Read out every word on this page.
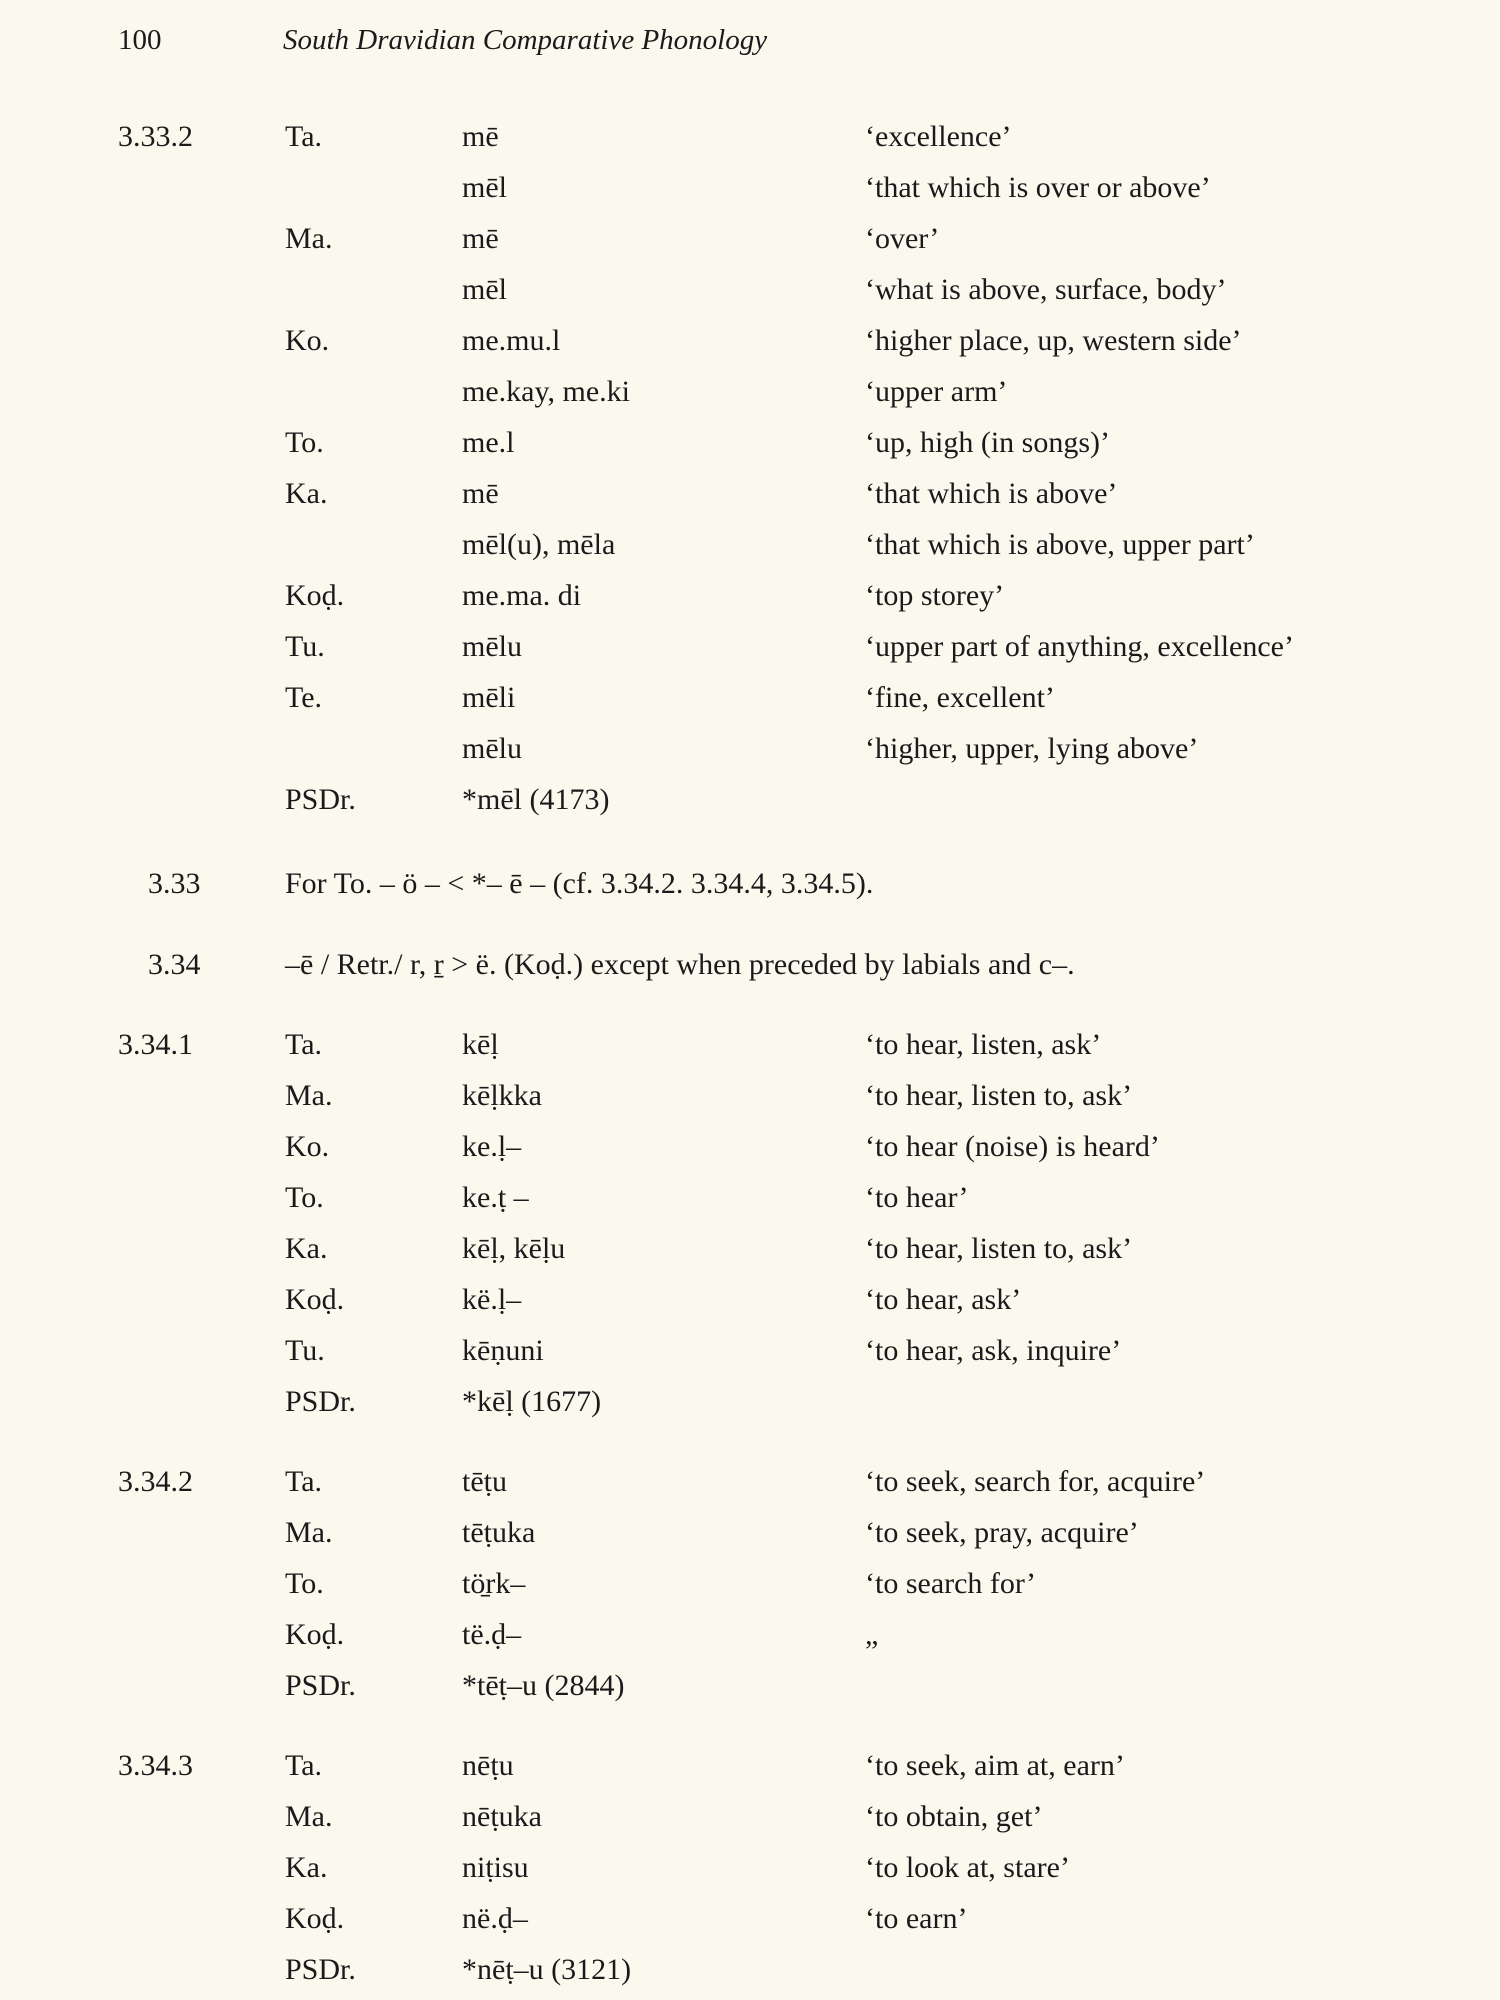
100	South Dravidian Comparative Phonology
3.33.2	Ta.	mē	‘excellence’
mēl	‘that which is over or above’
Ma.	mē	‘over’
mēl	‘what is above, surface, body’
Ko.	me.mu.l	‘higher place, up, western side’
me.kay, me.ki	‘upper arm’
To.	me.l	‘up, high (in songs)’
Ka.	mē	‘that which is above’
mēl(u), mēla	‘that which is above, upper part’
Koḍ.	me.ma. di	‘top storey’
Tu.	mēlu	‘upper part of anything, excellence’
Te.	mēli	‘fine, excellent’
mēlu	‘higher, upper, lying above’
PSDr.	*mēl (4173)
3.33	For To. – ö – < *– ē – (cf. 3.34.2. 3.34.4, 3.34.5).
3.34	–ē / Retr./ r, ṟ > ë. (Koḍ.) except when preceded by labials and c–.
3.34.1	Ta.	kēḷ	‘to hear, listen, ask’
Ma.	kēḷkka	‘to hear, listen to, ask’
Ko.	ke.ḷ–	‘to hear (noise) is heard’
To.	ke.ṭ –	‘to hear’
Ka.	kēḷ, kēḷu	‘to hear, listen to, ask’
Koḍ.	kë.ḷ–	‘to hear, ask’
Tu.	kēṇuni	‘to hear, ask, inquire’
PSDr.	*kēḷ (1677)
3.34.2	Ta.	tēṭu	‘to seek, search for, acquire’
Ma.	tēṭuka	‘to seek, pray, acquire’
To.	tö̱rk–	‘to search for’
Koḍ.	të.ḍ–	„
PSDr.	*tēṭ–u (2844)
3.34.3	Ta.	nēṭu	‘to seek, aim at, earn’
Ma.	nēṭuka	‘to obtain, get’
Ka.	niṭisu	‘to look at, stare’
Koḍ.	në.ḍ–	‘to earn’
PSDr.	*nēṭ–u (3121)
